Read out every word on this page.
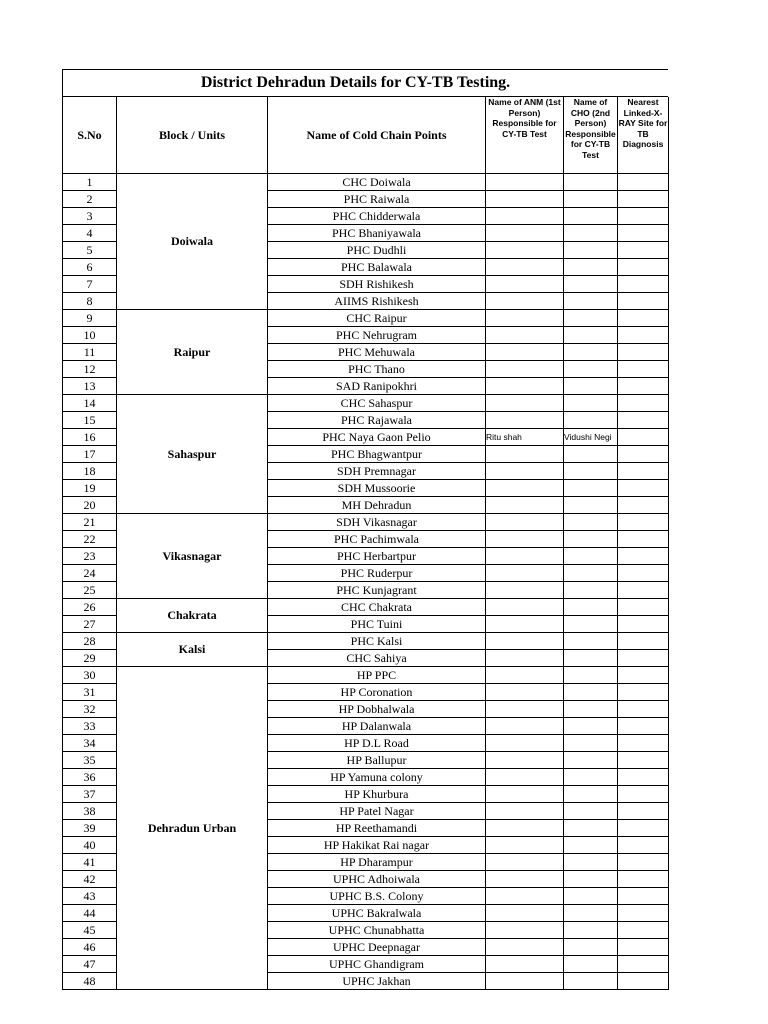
District Dehradun Details for CY-TB Testing.
S.No	Block / Units	Name of Cold Chain Points	Name of ANM (1st Person) Responsible for CY-TB Test	Name of CHO (2nd Person) Responsible for CY-TB Test	Nearest Linked-X-RAY Site for TB Diagnosis
1	Doiwala	CHC Doiwala			
2		PHC Raiwala			
3		PHC Chidderwala			
4		PHC Bhaniyawala			
5		PHC Dudhli			
6		PHC Balawala			
7		SDH Rishikesh			
8		AIIMS Rishikesh			
9	Raipur	CHC Raipur			
10		PHC Nehrugram			
11		PHC Mehuwala			
12		PHC Thano			
13		SAD Ranipokhri			
14	Sahaspur	CHC Sahaspur			
15		PHC Rajawala			
16		PHC Naya Gaon Pelio	Ritu shah	Vidushi Negi	
17		PHC Bhagwantpur			
18		SDH Premnagar			
19		SDH Mussoorie			
20		MH Dehradun			
21	Vikasnagar	SDH Vikasnagar			
22		PHC Pachimwala			
23		PHC Herbartpur			
24		PHC Ruderpur			
25		PHC Kunjagrant			
26	Chakrata	CHC Chakrata			
27		PHC Tuini			
28	Kalsi	PHC Kalsi			
29		CHC Sahiya			
30	Dehradun Urban	HP PPC			
31		HP Coronation			
32		HP Dobhalwala			
33		HP Dalanwala			
34		HP D.L Road			
35		HP Ballupur			
36		HP Yamuna colony			
37		HP Khurbura			
38		HP Patel Nagar			
39		HP Reethamandi			
40		HP Hakikat Rai nagar			
41		HP Dharampur			
42		UPHC Adhoiwala			
43		UPHC B.S. Colony			
44		UPHC Bakralwala			
45		UPHC Chunabhatta			
46		UPHC Deepnagar			
47		UPHC Ghandigram			
48		UPHC Jakhan			
